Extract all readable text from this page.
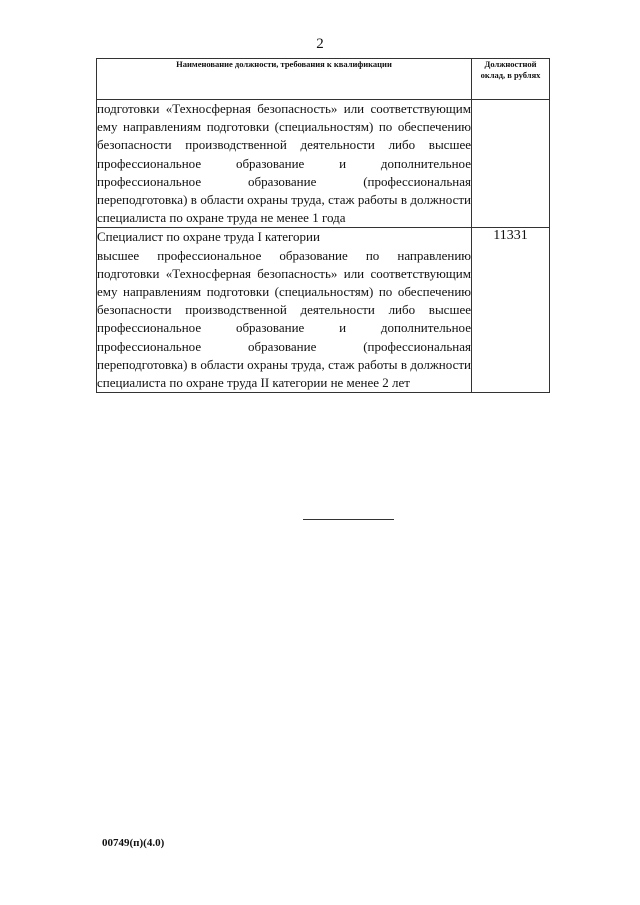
2
Наименование должности, требования к квалификации	Должностной оклад, в рублях

подготовки «Техносферная безопасность» или соответствующим ему направлениям подготовки (специальностям) по обеспечению безопасности производственной деятельности либо высшее профессиональное образование и дополнительное профессиональное образование (профессиональная переподготовка) в области охраны труда, стаж работы в должности специалиста по охране труда не менее 1 года	

Специалист по охране труда I категории
высшее профессиональное образование по направлению подготовки «Техносферная безопасность» или соответствующим ему направлениям подготовки (специальностям) по обеспечению безопасности производственной деятельности либо высшее профессиональное образование и дополнительное профессиональное образование (профессиональная переподготовка) в области охраны труда, стаж работы в должности специалиста по охране труда II категории не менее 2 лет	11331
00749(п)(4.0)
